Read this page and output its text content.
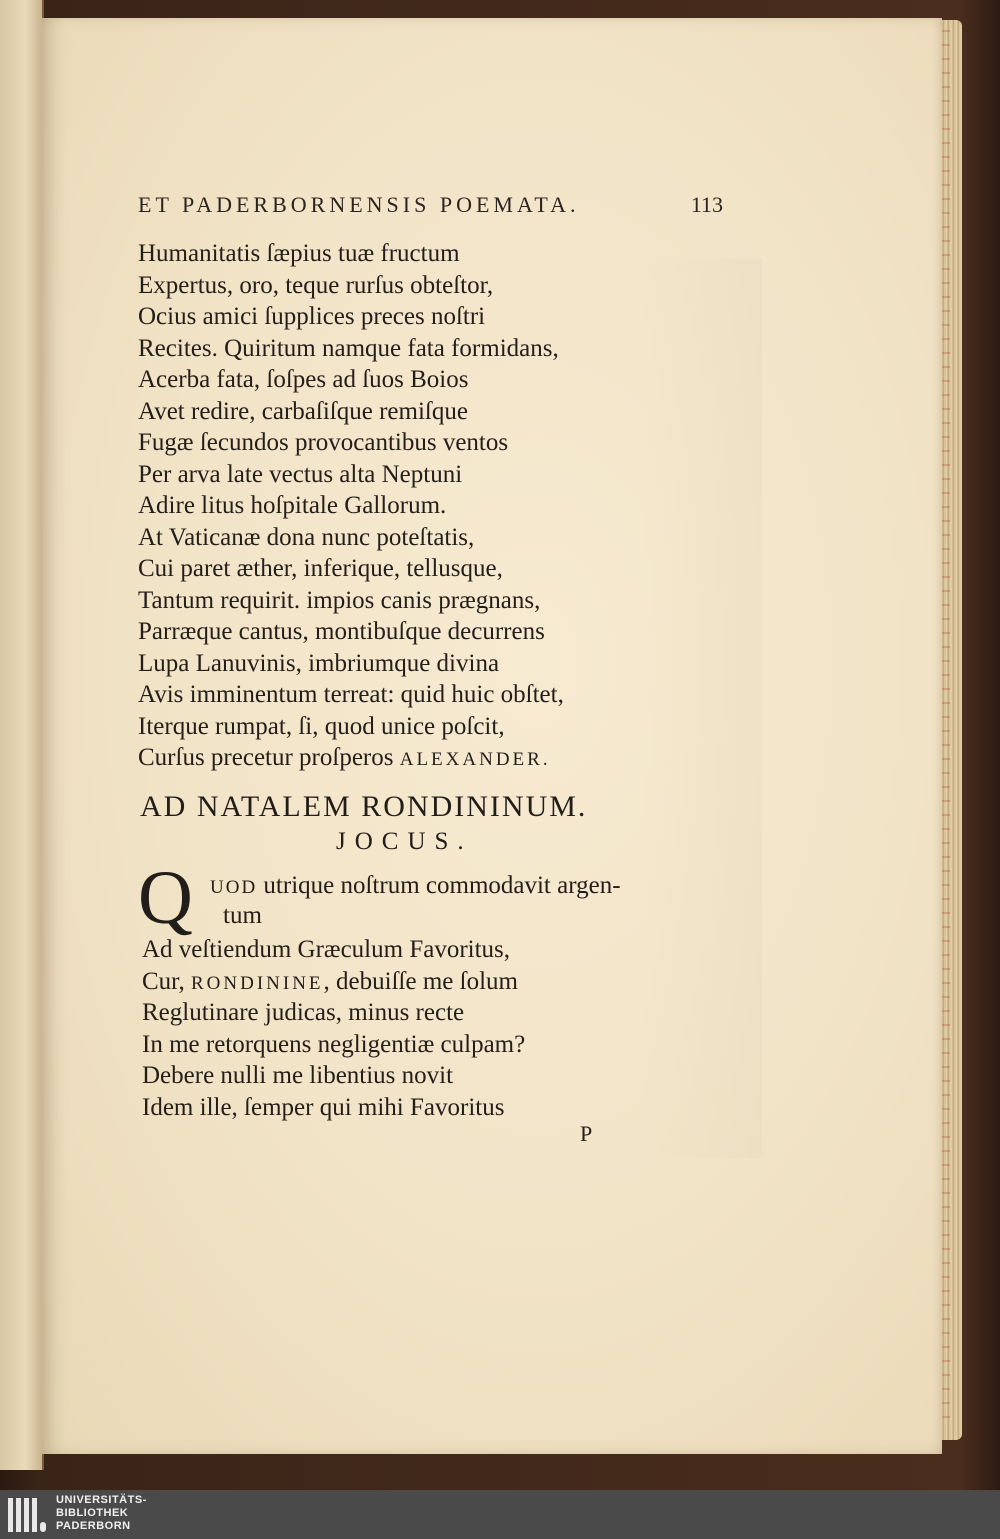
ET PADERBORNENSIS POEMATA.	113
Humanitatis ſæpius tuæ fructum
Expertus, oro, teque rurſus obteſtor,
Ocius amici ſupplices preces noſtri
Recites. Quiritum namque fata formidans,
Acerba fata, ſoſpes ad ſuos Boios
Avet redire, carbaſiſque remiſque
Fugæ ſecundos provocantibus ventos
Per arva late vectus alta Neptuni
Adire litus hoſpitale Gallorum.
At Vaticanæ dona nunc poteſtatis,
Cui paret æther, inferique, tellusque,
Tantum requirit. impios canis prægnans,
Parræque cantus, montibuſque decurrens
Lupa Lanuvinis, imbriumque divina
Avis imminentum terreat: quid huic obſtet,
Iterque rumpat, ſi, quod unice poſcit,
Curſus precetur proſperos ALEXANDER.
AD NATALEM RONDININUM.
JOCUS.
Q UOD utrique noſtrum commodavit argen-
tum
Ad veſtiendum Græculum Favoritus,
Cur, RONDININE, debuiſſe me ſolum
Reglutinare judicas, minus recte
In me retorquens negligentiæ culpam?
Debere nulli me libentius novit
Idem ille, ſemper qui mihi Favoritus
P
UNIVERSITÄTS-
BIBLIOTHEK
PADERBORN
